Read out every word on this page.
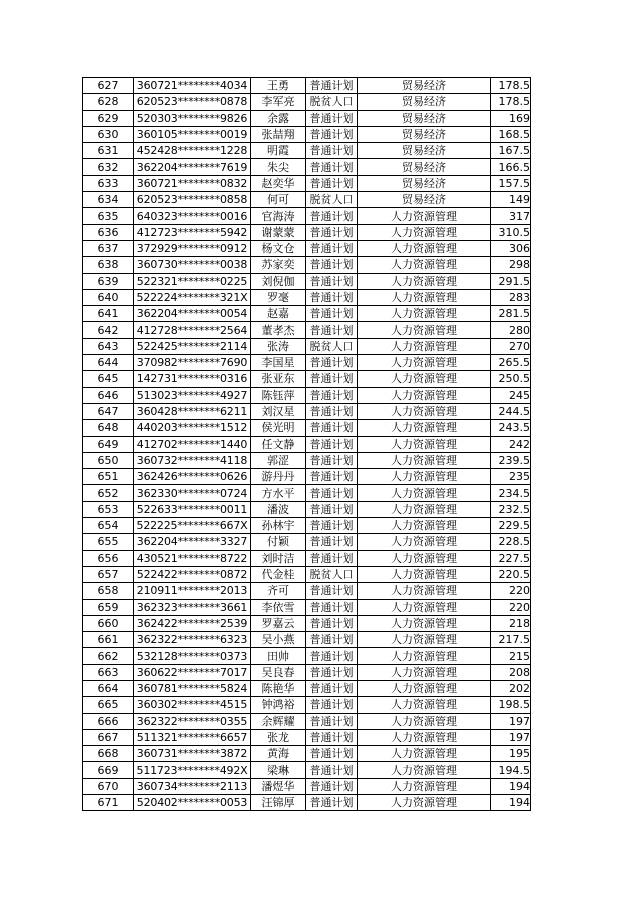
627	360721********4034	王勇	普通计划	贸易经济	178.5
628	620523********0878	李军亮	脱贫人口	贸易经济	178.5
629	520303********9826	余露	普通计划	贸易经济	169
630	360105********0019	张喆翔	普通计划	贸易经济	168.5
631	452428********1228	明霞	普通计划	贸易经济	167.5
632	362204********7619	朱尖	普通计划	贸易经济	166.5
633	360721********0832	赵奕华	普通计划	贸易经济	157.5
634	620523********0858	何可	脱贫人口	贸易经济	149
635	640323********0016	官海涛	普通计划	人力资源管理	317
636	412723********5942	谢蒙蒙	普通计划	人力资源管理	310.5
637	372929********0912	杨文仓	普通计划	人力资源管理	306
638	360730********0038	苏家奕	普通计划	人力资源管理	298
639	522321********0225	刘倪伽	普通计划	人力资源管理	291.5
640	522224********321X	罗毫	普通计划	人力资源管理	283
641	362204********0054	赵嘉	普通计划	人力资源管理	281.5
642	412728********2564	董孝杰	普通计划	人力资源管理	280
643	522425********2114	张涛	脱贫人口	人力资源管理	270
644	370982********7690	李国星	普通计划	人力资源管理	265.5
645	142731********0316	张亚东	普通计划	人力资源管理	250.5
646	513023********4927	陈钰萍	普通计划	人力资源管理	245
647	360428********6211	刘汉星	普通计划	人力资源管理	244.5
648	440203********1512	侯光明	普通计划	人力资源管理	243.5
649	412702********1440	任文静	普通计划	人力资源管理	242
650	360732********4118	郭涩	普通计划	人力资源管理	239.5
651	362426********0626	游丹丹	普通计划	人力资源管理	235
652	362330********0724	方水平	普通计划	人力资源管理	234.5
653	522633********0011	潘波	普通计划	人力资源管理	232.5
654	522225********667X	孙林宇	普通计划	人力资源管理	229.5
655	362204********3327	付颖	普通计划	人力资源管理	228.5
656	430521********8722	刘时洁	普通计划	人力资源管理	227.5
657	522422********0872	代金桂	脱贫人口	人力资源管理	220.5
658	210911********2013	齐可	普通计划	人力资源管理	220
659	362323********3661	李依雪	普通计划	人力资源管理	220
660	362422********2539	罗嘉云	普通计划	人力资源管理	218
661	362322********6323	吴小燕	普通计划	人力资源管理	217.5
662	532128********0373	田帅	普通计划	人力资源管理	215
663	360622********7017	吴良春	普通计划	人力资源管理	208
664	360781********5824	陈艳华	普通计划	人力资源管理	202
665	360302********4515	钟鸿裕	普通计划	人力资源管理	198.5
666	362322********0355	余辉耀	普通计划	人力资源管理	197
667	511321********6657	张龙	普通计划	人力资源管理	197
668	360731********3872	黄海	普通计划	人力资源管理	195
669	511723********492X	梁琳	普通计划	人力资源管理	194.5
670	360734********2113	潘煜华	普通计划	人力资源管理	194
671	520402********0053	汪锦厚	普通计划	人力资源管理	194
